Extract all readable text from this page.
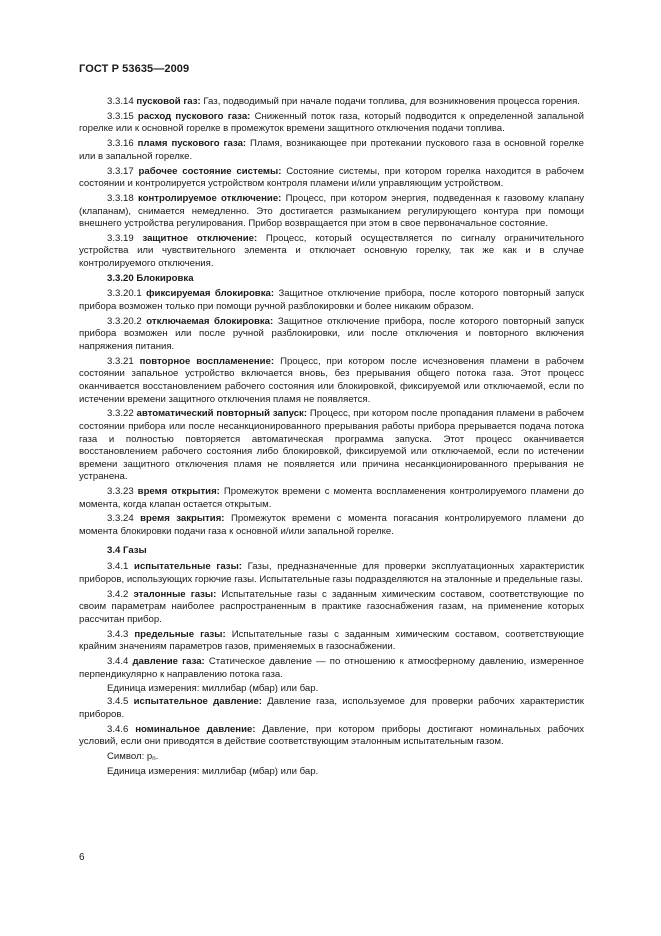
ГОСТ Р 53635—2009

3.3.14 пусковой газ: Газ, подводимый при начале подачи топлива, для возникновения процесса горения.

3.3.15 расход пускового газа: Сниженный поток газа, который подводится к определенной запальной горелке или к основной горелке в промежуток времени защитного отключения подачи топлива.

3.3.16 пламя пускового газа: Пламя, возникающее при протекании пускового газа в основной горелке или в запальной горелке.

3.3.17 рабочее состояние системы: Состояние системы, при котором горелка находится в рабочем состоянии и контролируется устройством контроля пламени и/или управляющим устройством.

3.3.18 контролируемое отключение: Процесс, при котором энергия, подведенная к газовому клапану (клапанам), снимается немедленно. Это достигается размыканием регулирующего контура при помощи внешнего устройства регулирования. Прибор возвращается при этом в свое первоначальное состояние.

3.3.19 защитное отключение: Процесс, который осуществляется по сигналу ограничительного устройства или чувствительного элемента и отключает основную горелку, так же как и в случае контролируемого отключения.

3.3.20 Блокировка

3.3.20.1 фиксируемая блокировка: Защитное отключение прибора, после которого повторный запуск прибора возможен только при помощи ручной разблокировки и более никаким образом.

3.3.20.2 отключаемая блокировка: Защитное отключение прибора, после которого повторный запуск прибора возможен или после ручной разблокировки, или после отключения и повторного включения напряжения питания.

3.3.21 повторное воспламенение: Процесс, при котором после исчезновения пламени в рабочем состоянии запальное устройство включается вновь, без прерывания общего потока газа. Этот процесс оканчивается восстановлением рабочего состояния или блокировкой, фиксируемой или отключаемой, если по истечении времени защитного отключения пламя не появляется.

3.3.22 автоматический повторный запуск: Процесс, при котором после пропадания пламени в рабочем состоянии прибора или после несанкционированного прерывания работы прибора прерывается подача потока газа и полностью повторяется автоматическая программа запуска. Этот процесс оканчивается восстановлением рабочего состояния либо блокировкой, фиксируемой или отключаемой, если по истечении времени защитного отключения пламя не появляется или причина несанкционированного прерывания не устранена.

3.3.23 время открытия: Промежуток времени с момента воспламенения контролируемого пламени до момента, когда клапан остается открытым.

3.3.24 время закрытия: Промежуток времени с момента погасания контролируемого пламени до момента блокировки подачи газа к основной и/или запальной горелке.

3.4 Газы

3.4.1 испытательные газы: Газы, предназначенные для проверки эксплуатационных характеристик приборов, использующих горючие газы. Испытательные газы подразделяются на эталонные и предельные газы.

3.4.2 эталонные газы: Испытательные газы с заданным химическим составом, соответствующие по своим параметрам наиболее распространенным в практике газоснабжения газам, на применение которых рассчитан прибор.

3.4.3 предельные газы: Испытательные газы с заданным химическим составом, соответствующие крайним значениям параметров газов, применяемых в газоснабжении.

3.4.4 давление газа: Статическое давление — по отношению к атмосферному давлению, измеренное перпендикулярно к направлению потока газа.

Единица измерения: миллибар (мбар) или бар.

3.4.5 испытательное давление: Давление газа, используемое для проверки рабочих характеристик приборов.

3.4.6 номинальное давление: Давление, при котором приборы достигают номинальных рабочих условий, если они приводятся в действие соответствующим эталонным испытательным газом.

Символ: $p_n$.

Единица измерения: миллибар (мбар) или бар.

6
